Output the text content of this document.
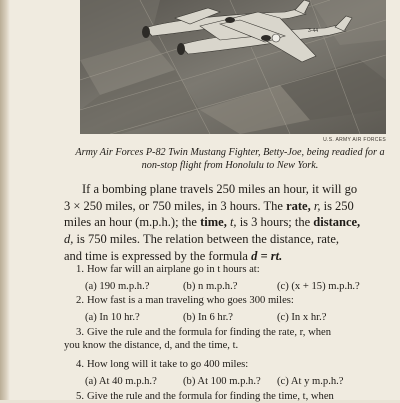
3-44
U.S. ARMY AIR FORCES
Army Air Forces P-82 Twin Mustang Fighter, Betty-Joe, being readied for a
non-stop flight from Honolulu to New York.
If a bombing plane travels 250 miles an hour, it will go
3 × 250 miles, or 750 miles, in 3 hours. The rate, r, is 250
miles an hour (m.p.h.); the time, t, is 3 hours; the distance,
d, is 750 miles. The relation between the distance, rate,
and time is expressed by the formula d = rt.
1. How far will an airplane go in t hours at:
(a) 190 m.p.h.?	(b) n m.p.h.?	(c) (x + 15) m.p.h.?
2. How fast is a man traveling who goes 300 miles:
(a) In 10 hr.?	(b) In 6 hr.?	(c) In x hr.?
3. Give the rule and the formula for finding the rate, r, when
you know the distance, d, and the time, t.
4. How long will it take to go 400 miles:
(a) At 40 m.p.h.? (b) At 100 m.p.h.? (c) At y m.p.h.?
5. Give the rule and the formula for finding the time, t, when
